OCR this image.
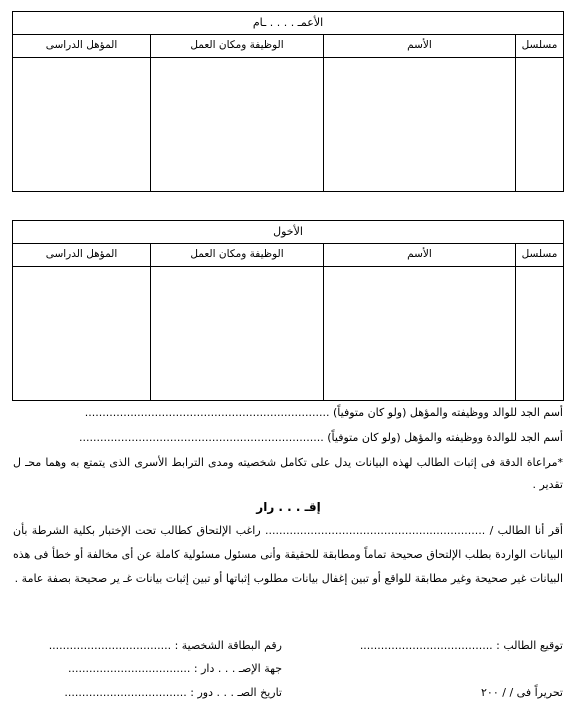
الأعمـ . . . . ـام
مسلسل
الأسم
الوظيفة ومكان العمل
المؤهل الدراسى
الأخول
مسلسل
الأسم
الوظيفة ومكان العمل
المؤهل الدراسى
أسم الجد للوالد ووظيفته والمؤهل (ولو كان متوفياً) ......................................................................
أسم الجد للوالدة ووظيفته والمؤهل (ولو كان متوفياً) ......................................................................
*مراعاة الدقة فى إثبات الطالب لهذه البيانات يدل على تكامل شخصيته ومدى الترابط الأسرى الذى يتمتع به وهما محـ ل تقدير .
إقـ . . . رار
أقر أنا الطالب / ............................................................... راغب الإلتحاق كطالب تحت الإختبار بكلية الشرطة بأن البيانات الواردة بطلب الإلتحاق صحيحة تماماً ومطابقة للحقيقة وأنى مسئول مسئولية كاملة عن أى مخالفة أو خطأ فى هذه البيانات غير صحيحة وغير مطابقة للواقع أو تبين إغفال بيانات مطلوب إثباتها أو تبين إثبات بيانات غـ ير صحيحة بصفة عامة .
توقيع الطالب : ......................................
رقم البطاقة الشخصية : ...................................
جهة الإصـ . . . دار : ...................................
تحريراً فى / / ٢٠٠
تاريخ الصـ . . . دور : ...................................
